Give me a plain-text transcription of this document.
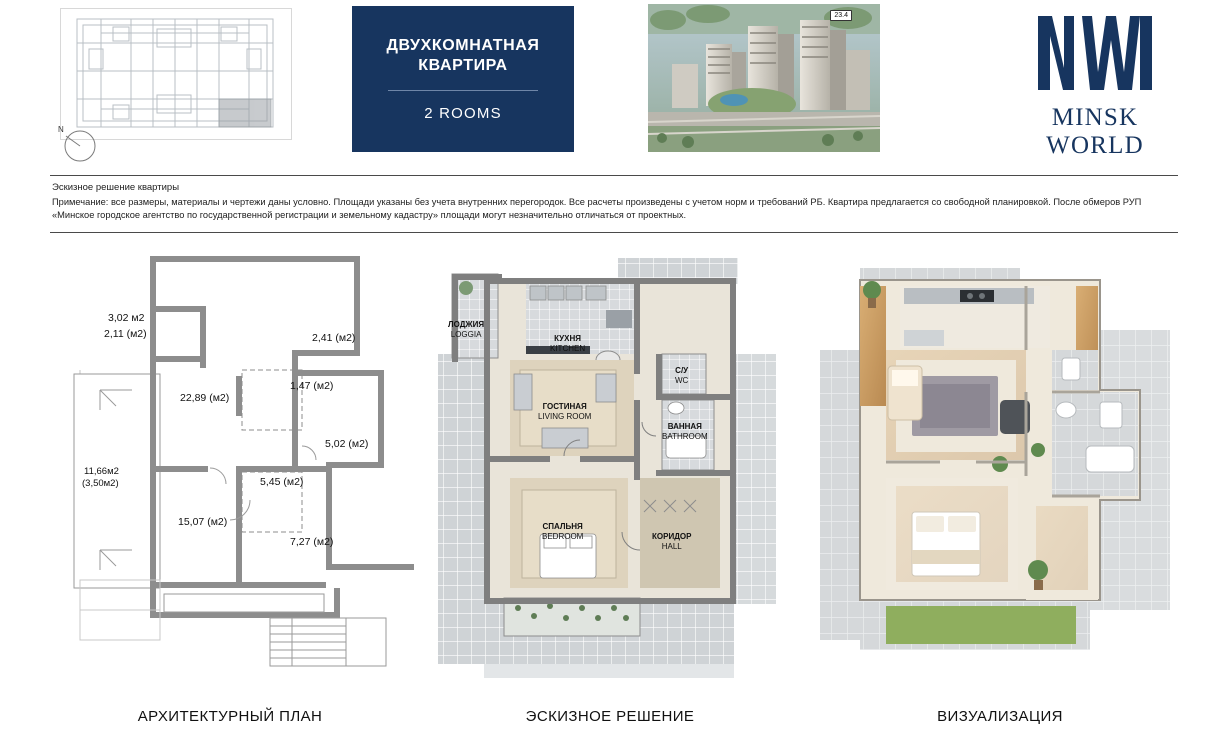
N
ДВУХКОМНАТНАЯ
КВАРТИРА
2 ROOMS
23.4
MINSK WORLD
Эскизное решение квартиры
Примечание: все размеры, материалы и чертежи даны условно. Площади указаны без учета внутренних перегородок. Все расчеты произведены с учетом норм и требований РБ. Квартира предлагается со свободной планировкой. После обмеров РУП «Минское городское агентство по государственной регистрации и земельному кадастру» площади могут незначительно отличаться от проектных.
3,02 м2
2,11 (м2)	2,41 (м2)
1,47 (м2)
22,89 (м2)
5,02 (м2)
11,66м2
(3,50м2)	5,45 (м2)
15,07 (м2)
7,27 (м2)
ЛОДЖИЯ
LOGGIA	КУХНЯ
KITCHEN
С/У
WC
ГОСТИНАЯ
LIVING ROOM
ВАННАЯ
BATHROOM
СПАЛЬНЯ
BEDROOM	КОРИДОР
HALL
АРХИТЕКТУРНЫЙ ПЛАН	ЭСКИЗНОЕ РЕШЕНИЕ	ВИЗУАЛИЗАЦИЯ
